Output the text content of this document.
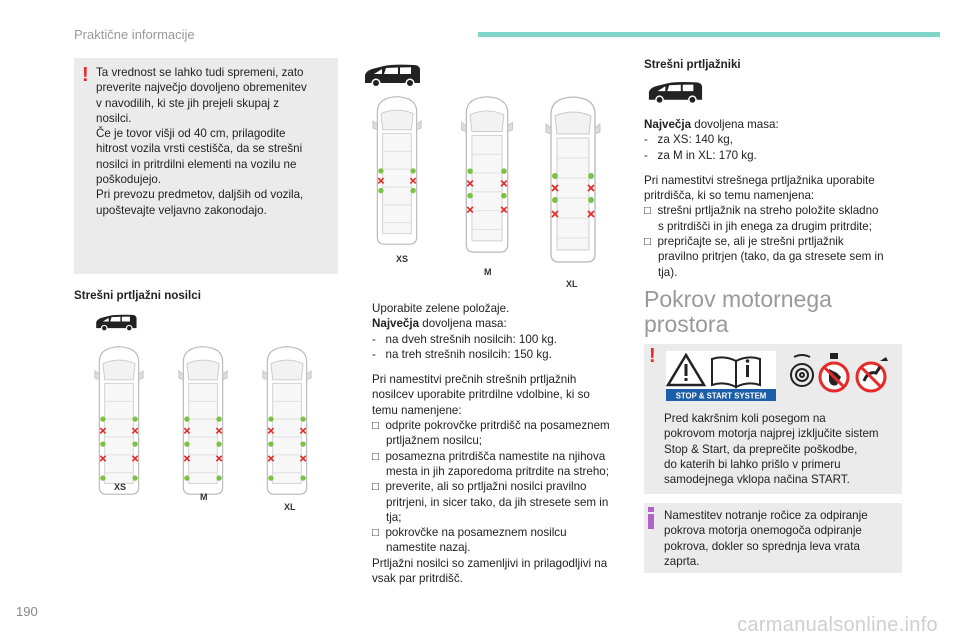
Praktične informacije
! Ta vrednost se lahko tudi spremeni, zato

preverite največjo dovoljeno obremenitev

v navodilih, ki ste jih prejeli skupaj z

nosilci.

Če je tovor višji od 40 cm, prilagodite

hitrost vozila vrsti cestišča, da se strešni

nosilci in pritrdilni elementi na vozilu ne

poškodujejo.

Pri prevozu predmetov, daljših od vozila,

upoštevajte veljavno zakonodajo.

Strešni prtljažni nosilci
XS
M
XL
XS
M
XL

Uporabite zelene položaje.

Največja dovoljena masa:

-   na dveh strešnih nosilcih: 100 kg.

-   na treh strešnih nosilcih: 150 kg.

Pri namestitvi prečnih strešnih prtljažnih

nosilcev uporabite pritrdilne vdolbine, ki so

temu namenjene:

□  odprite pokrovčke pritrdišč na posameznem

prtljažnem nosilcu;

□  posamezna pritrdišča namestite na njihova

mesta in jih zaporedoma pritrdite na streho;

□  preverite, ali so prtljažni nosilci pravilno

pritrjeni, in sicer tako, da jih stresete sem in

tja;

□  pokrovčke na posameznem nosilcu

namestite nazaj.

Prtljažni nosilci so zamenljivi in prilagodljivi na

vsak par pritrdišč.

Strešni prtljažniki

Največja dovoljena masa:

-   za XS: 140 kg,

-   za M in XL: 170 kg.

Pri namestitvi strešnega prtljažnika uporabite

pritrdišča, ki so temu namenjena:

□  strešni prtljažnik na streho položite skladno

s pritrdišči in jih enega za drugim pritrdite;

□  prepričajte se, ali je strešni prtljažnik

pravilno pritrjen (tako, da ga stresete sem in

tja).

Pokrov motornega
prostora
!
STOP & START SYSTEM
Pred kakršnim koli posegom na
pokrovom motorja najprej izključite sistem
Stop & Start, da preprečite poškodbe,
do katerih bi lahko prišlo v primeru
samodejnega vklopa načina START.
Namestitev notranje ročice za odpiranje
pokrova motorja onemogoča odpiranje
pokrova, dokler so sprednja leva vrata
zaprta.
190
carmanualsonline.info
